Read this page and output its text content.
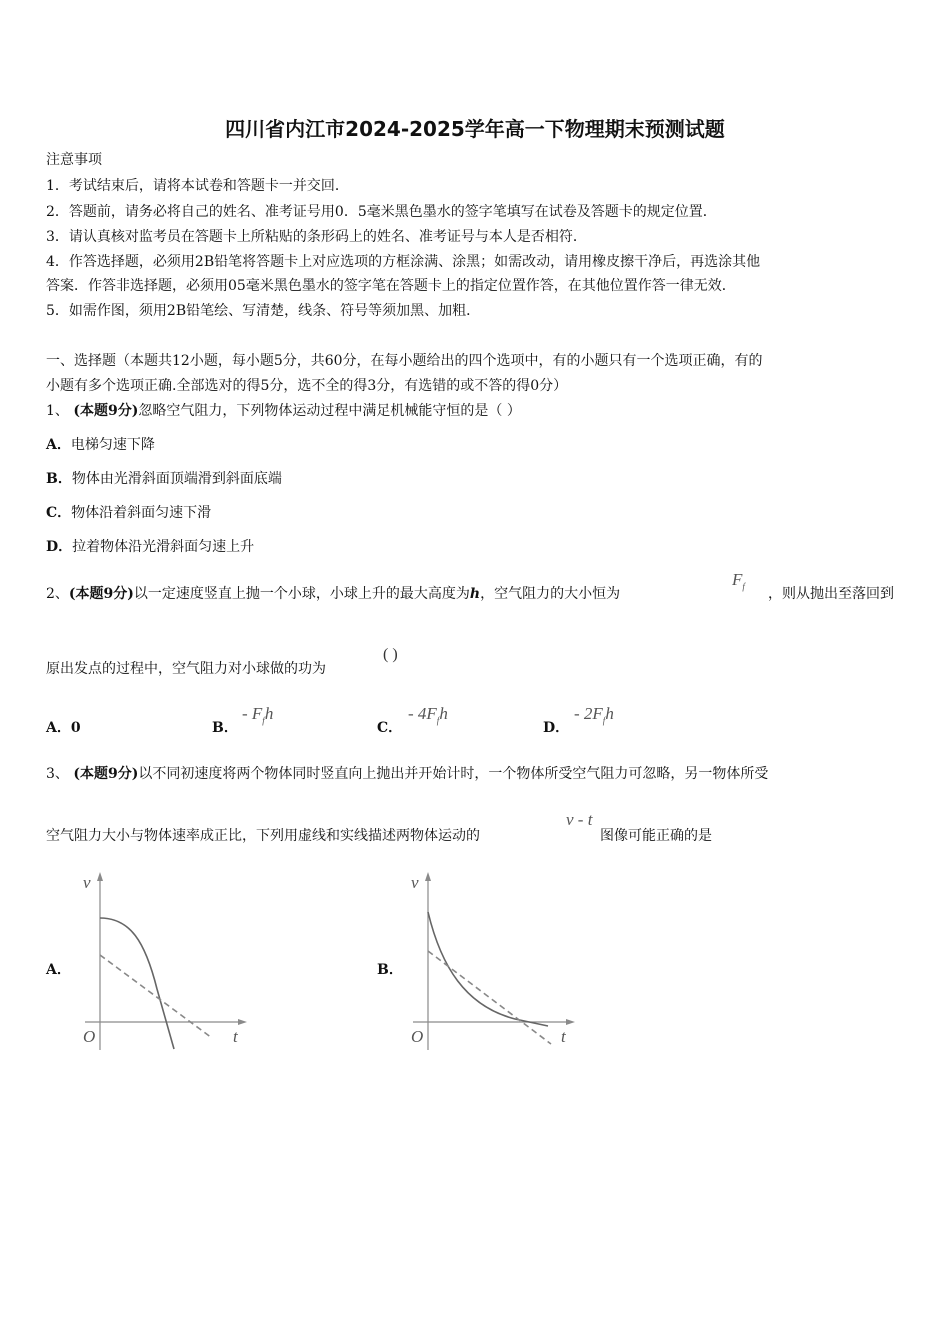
四川省内江市2024-2025学年高一下物理期末预测试题
注意事项
1．考试结束后，请将本试卷和答题卡一并交回．
2．答题前，请务必将自己的姓名、准考证号用0．5毫米黑色墨水的签字笔填写在试卷及答题卡的规定位置．
3．请认真核对监考员在答题卡上所粘贴的条形码上的姓名、准考证号与本人是否相符．
4．作答选择题，必须用2B铅笔将答题卡上对应选项的方框涂满、涂黑；如需改动，请用橡皮擦干净后，再选涂其他
答案．作答非选择题，必须用05毫米黑色墨水的签字笔在答题卡上的指定位置作答，在其他位置作答一律无效．
5．如需作图，须用2B铅笔绘、写清楚，线条、符号等须加黑、加粗．
一、选择题（本题共12小题，每小题5分，共60分，在每小题给出的四个选项中，有的小题只有一个选项正确，有的
小题有多个选项正确.全部选对的得5分，选不全的得3分，有选错的或不答的得0分）
1、 (本题9分)忽略空气阻力，下列物体运动过程中满足机械能守恒的是（ ）
A．电梯匀速下降
B．物体由光滑斜面顶端滑到斜面底端
C．物体沿着斜面匀速下滑
D．拉着物体沿光滑斜面匀速上升
2、(本题9分)以一定速度竖直上抛一个小球，小球上升的最大高度为h，空气阻力的大小恒为
$F_f$ ，则从抛出至落回到
原出发点的过程中，空气阻力对小球做的功为
( )
A．0	B．
- $F_fh$
C．
- $4F_fh$
D．
- $2F_fh$
3、 (本题9分)以不同初速度将两个物体同时竖直向上抛出并开始计时，一个物体所受空气阻力可忽略，另一物体所受
空气阻力大小与物体速率成正比，下列用虚线和实线描述两物体运动的
v - t
图像可能正确的是
A．	B．
v
t
O
v
t
O
